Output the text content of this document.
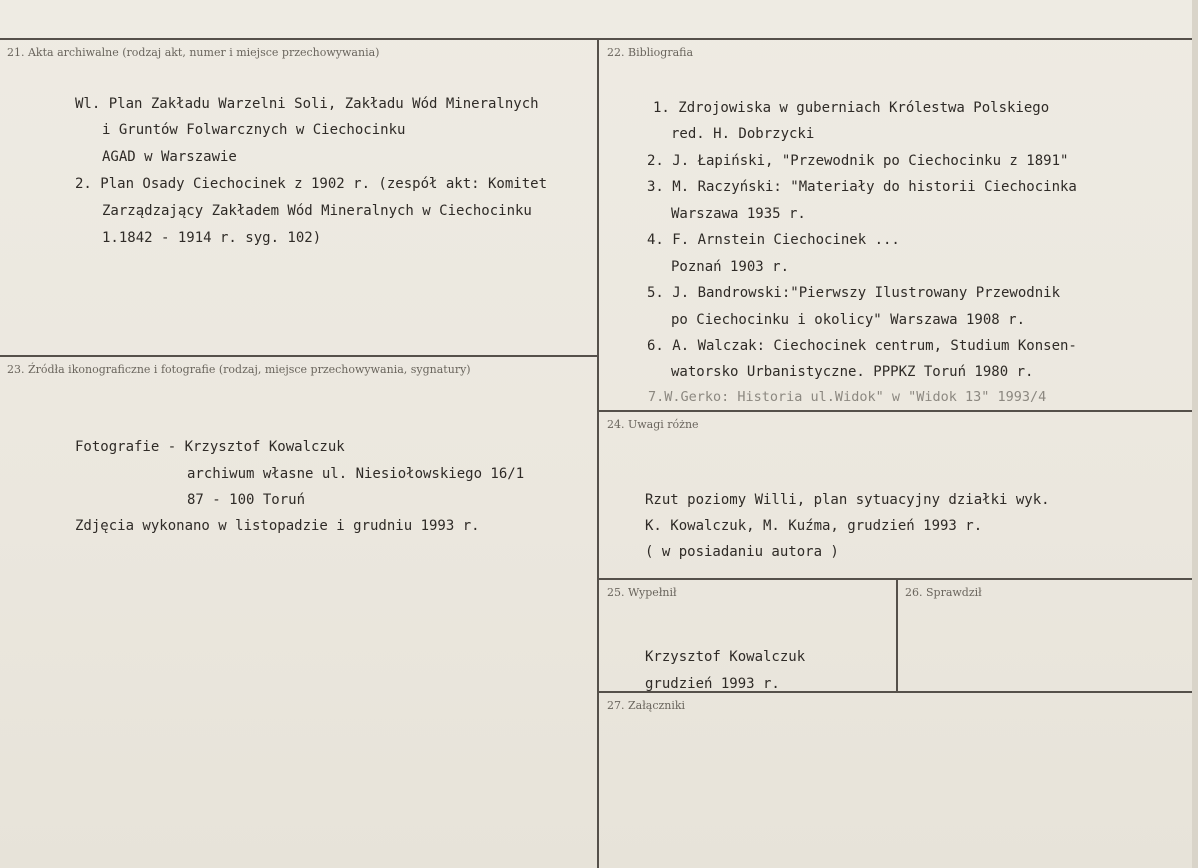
21. Akta archiwalne (rodzaj akt, numer i miejsce przechowywania)
Wl. Plan Zakładu Warzelni Soli, Zakładu Wód Mineralnych
i Gruntów Folwarcznych w Ciechocinku
AGAD w Warszawie
2. Plan Osady Ciechocinek z 1902 r. (zespół akt: Komitet
Zarządzający Zakładem Wód Mineralnych w Ciechocinku
1.1842 - 1914 r. syg. 102)
22. Bibliografia
1. Zdrojowiska w guberniach Królestwa Polskiego
red. H. Dobrzycki
2. J. Łapiński, "Przewodnik po Ciechocinku z 1891"
3. M. Raczyński: "Materiały do historii Ciechocinka
Warszawa 1935 r.
4. F. Arnstein Ciechocinek ...
Poznań 1903 r.
5. J. Bandrowski:"Pierwszy Ilustrowany Przewodnik
po Ciechocinku i okolicy" Warszawa 1908 r.
6. A. Walczak: Ciechocinek centrum, Studium Konsen-
watorsko Urbanistyczne. PPPKZ Toruń 1980 r.
7.W.Gerko: Historia ul.Widok" w "Widok 13" 1993/4
23. Źródła ikonograficzne i fotografie (rodzaj, miejsce przechowywania, sygnatury)
Fotografie - Krzysztof Kowalczuk
archiwum własne ul. Niesiołowskiego 16/1
87 - 100 Toruń
Zdjęcia wykonano w listopadzie i grudniu 1993 r.
24. Uwagi różne
Rzut poziomy Willi, plan sytuacyjny działki wyk.
K. Kowalczuk, M. Kuźma, grudzień 1993 r.
( w posiadaniu autora )
25. Wypełnił
Krzysztof Kowalczuk
grudzień 1993 r.
26. Sprawdził
27. Załączniki
